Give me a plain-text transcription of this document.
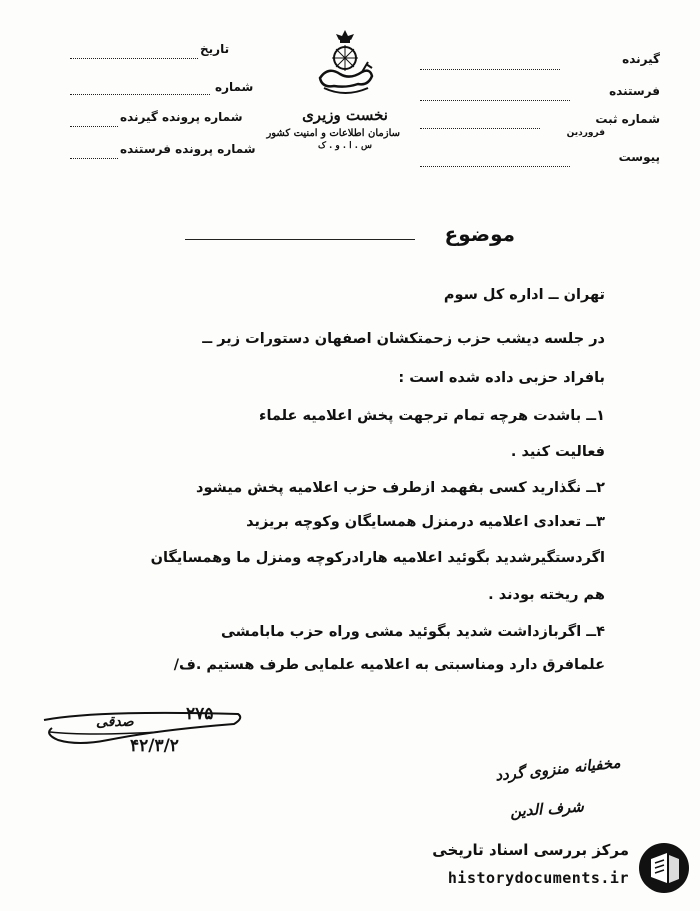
گیرنده
فرستنده
شماره ثبت
فروردین
پیوست
تاریخ
شماره
شماره پرونده گیرنده
شماره پرونده فرستنده
نخست وزیری
سازمان اطلاعات و امنیت کشور
س . ا . و . ک
موضوع
تهران ــ اداره کل سوم
در جلسه دیشب حزب زحمتکشان اصفهان دستورات زیر ــ
بافراد حزبی داده شده است :
۱ــ باشدت هرچه تمام ترجهت پخش اعلامیه علماء
فعالیت کنید .
۲ــ نگذارید کسی بفهمد ازطرف حزب اعلامیه پخش میشود
۳ــ تعدادی اعلامیه درمنزل همسایگان وکوچه بریزید
اگردستگیرشدید بگوئید اعلامیه هارادرکوچه ومنزل ما وهمسایگان
هم ریخته بودند .
۴ــ اگربازداشت شدید بگوئید مشی وراه حزب مابامشی
علمافرق دارد ومناسبتی به اعلامیه علمایی طرف هستیم .ف/
۲۷۵
صدقی
۴۲/۳/۲
مخفیانه منزوی گردد
شرف الدین
مرکز بررسی اسناد تاریخی
historydocuments.ir
